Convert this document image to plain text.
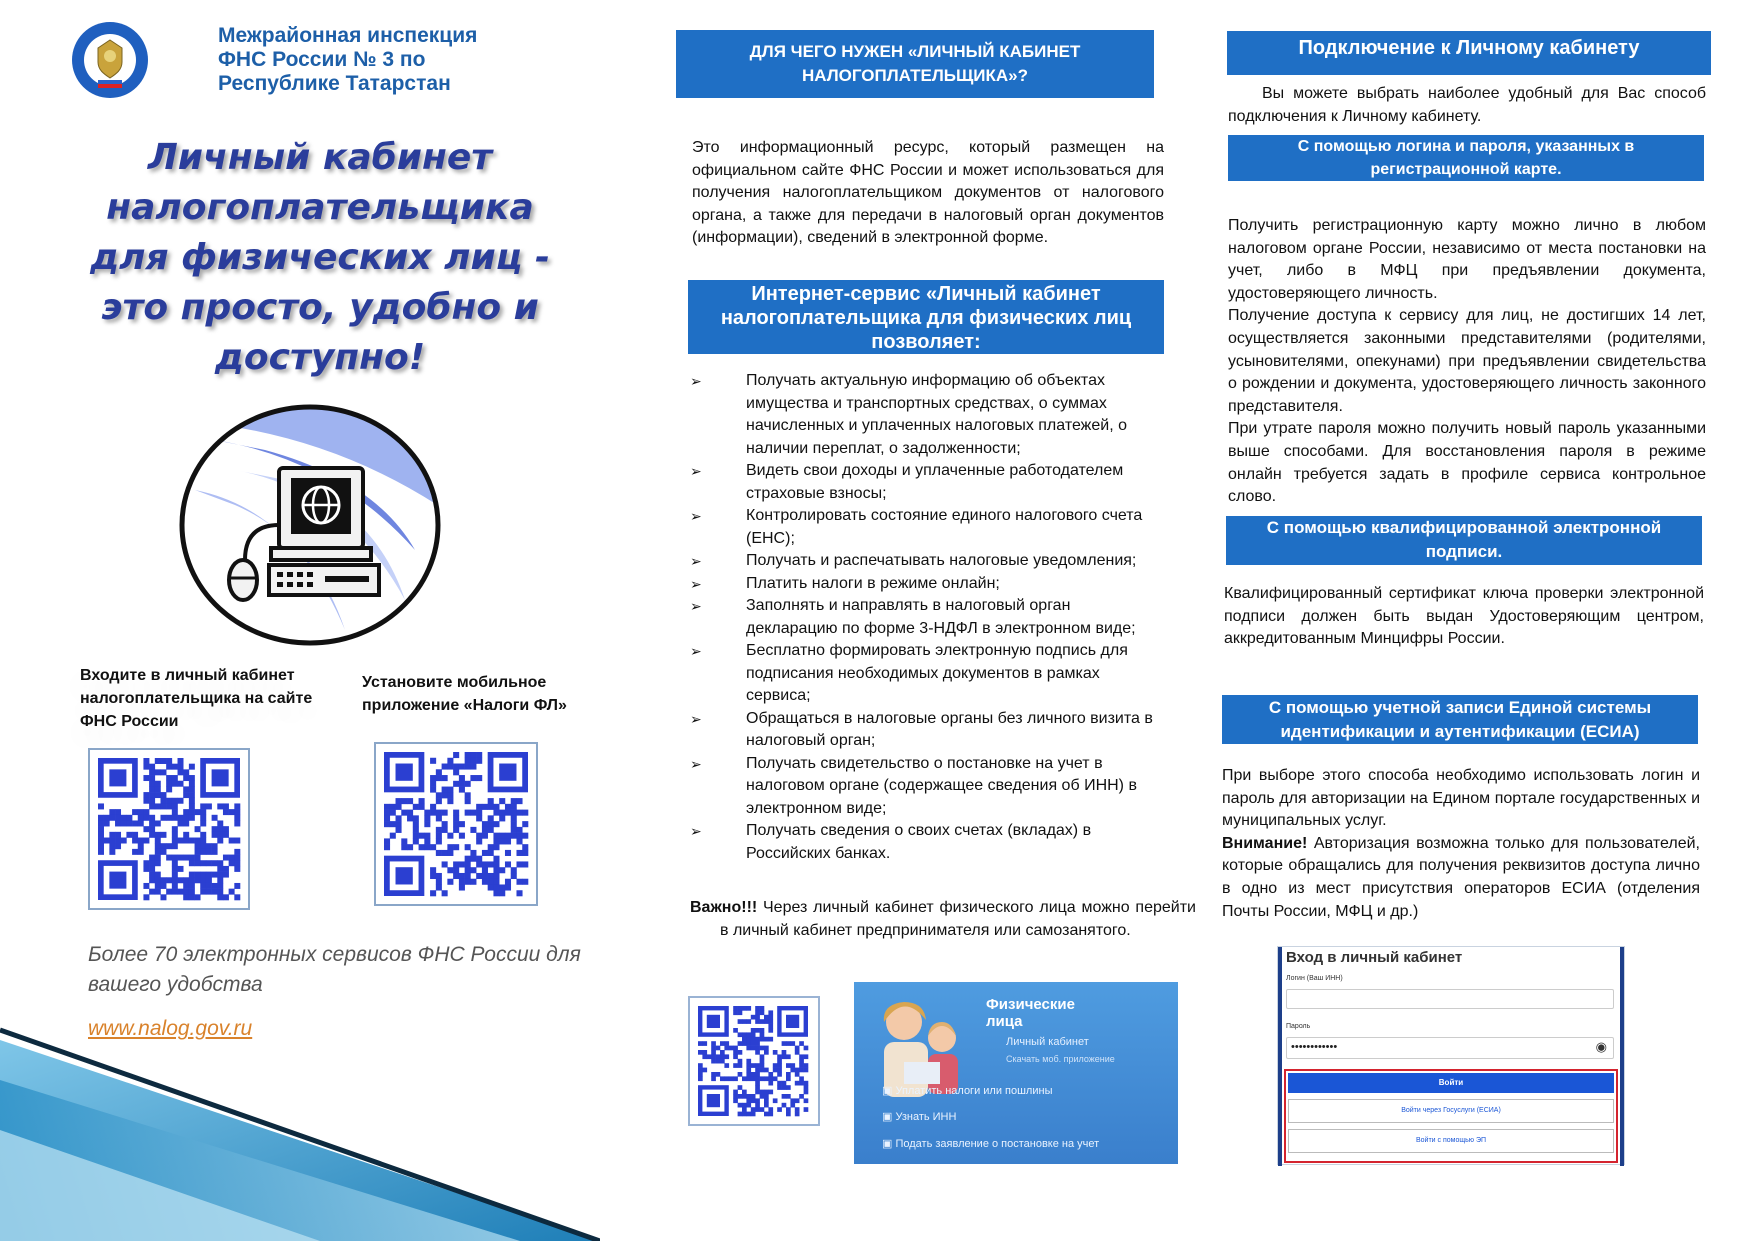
Межрайонная инспекция ФНС России № 3 по Республике Татарстан
Личный кабинет налогоплательщика для физических лиц - это просто, удобно и доступно!
Входите в личный кабинет налогоплательщика на сайте ФНС России
Установите мобильное приложение «Налоги ФЛ»
Более 70 электронных сервисов ФНС России для вашего удобства
www.nalog.gov.ru
ДЛЯ ЧЕГО НУЖЕН «ЛИЧНЫЙ КАБИНЕТ НАЛОГОПЛАТЕЛЬЩИКА»?

Это информационный ресурс, который размещен на официальном сайте ФНС России и может использоваться для получения налогоплательщиком документов от налогового органа, а также для передачи в налоговый орган документов (информации), сведений в электронной форме.

Интернет-сервис «Личный кабинет налогоплательщика для физических лиц позволяет:
➢	Получать актуальную информацию об объектах имущества и транспортных средствах, о суммах начисленных и уплаченных налоговых платежей, о наличии переплат, о задолженности;
➢	Видеть свои доходы и уплаченные работодателем страховые взносы;
➢	Контролировать состояние единого налогового счета (ЕНС);
➢	Получать и распечатывать налоговые уведомления;
➢	Платить налоги в режиме онлайн;
➢	Заполнять и направлять в налоговый орган декларацию по форме 3-НДФЛ в электронном виде;
➢	Бесплатно формировать электронную подпись для подписания необходимых документов в рамках сервиса;
➢	Обращаться в налоговые органы без личного визита в налоговый орган;
➢	Получать свидетельство о постановке на учет в налоговом органе (содержащее сведения об ИНН) в электронном виде;
➢	Получать сведения о своих счетах (вкладах) в Российских банках.

Важно!!! Через личный кабинет физического лица можно перейти в личный кабинет предпринимателя или самозанятого.

Физические лица
Личный кабинет
Скачать моб. приложение
▣ Уплатить налоги или пошлины
▣ Узнать ИНН
▣ Подать заявление о постановке на учет
Подключение к Личному кабинету

Вы можете выбрать наиболее удобный для Вас способ подключения к Личному кабинету.

С помощью логина и пароля, указанных в регистрационной карте.

Получить регистрационную карту можно лично в любом налоговом органе России, независимо от места постановки на учет, либо в МФЦ при предъявлении документа, удостоверяющего личность.

Получение доступа к сервису для лиц, не достигших 14 лет, осуществляется законными представителями (родителями, усыновителями, опекунами) при предъявлении свидетельства о рождении и документа, удостоверяющего личность законного представителя.

При утрате пароля можно получить новый пароль указанными выше способами. Для восстановления пароля в режиме онлайн требуется задать в профиле сервиса контрольное слово.

С помощью квалифицированной электронной подписи.

Квалифицированный сертификат ключа проверки электронной подписи должен быть выдан Удостоверяющим центром, аккредитованным Минцифры России.

С помощью учетной записи Единой системы идентификации и аутентификации (ЕСИА)

При выборе этого способа необходимо использовать логин и пароль для авторизации на Едином портале государственных и муниципальных услуг.

Внимание! Авторизация возможна только для пользователей, которые обращались для получения реквизитов доступа лично в одно из мест присутствия операторов ЕСИА (отделения Почты России, МФЦ и др.)

Вход в личный кабинет
Логин (Ваш ИНН)
Пароль
••••••••••••	◉
Войти
Войти через Госуслуги (ЕСИА)
Войти с помощью ЭП
